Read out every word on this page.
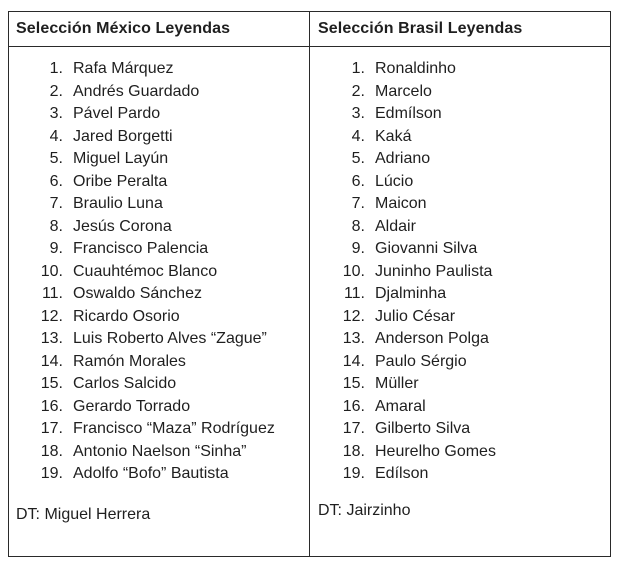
Selección México Leyendas
1. Rafa Márquez
2. Andrés Guardado
3. Pável Pardo
4. Jared Borgetti
5. Miguel Layún
6. Oribe Peralta
7. Braulio Luna
8. Jesús Corona
9. Francisco Palencia
10. Cuauhtémoc Blanco
11. Oswaldo Sánchez
12. Ricardo Osorio
13. Luis Roberto Alves “Zague”
14. Ramón Morales
15. Carlos Salcido
16. Gerardo Torrado
17. Francisco “Maza” Rodríguez
18. Antonio Naelson “Sinha”
19. Adolfo “Bofo” Bautista
DT: Miguel Herrera
Selección Brasil Leyendas
1. Ronaldinho
2. Marcelo
3. Edmílson
4. Kaká
5. Adriano
6. Lúcio
7. Maicon
8. Aldair
9. Giovanni Silva
10. Juninho Paulista
11. Djalminha
12. Julio César
13. Anderson Polga
14. Paulo Sérgio
15. Müller
16. Amaral
17. Gilberto Silva
18. Heurelho Gomes
19. Edílson
DT: Jairzinho
